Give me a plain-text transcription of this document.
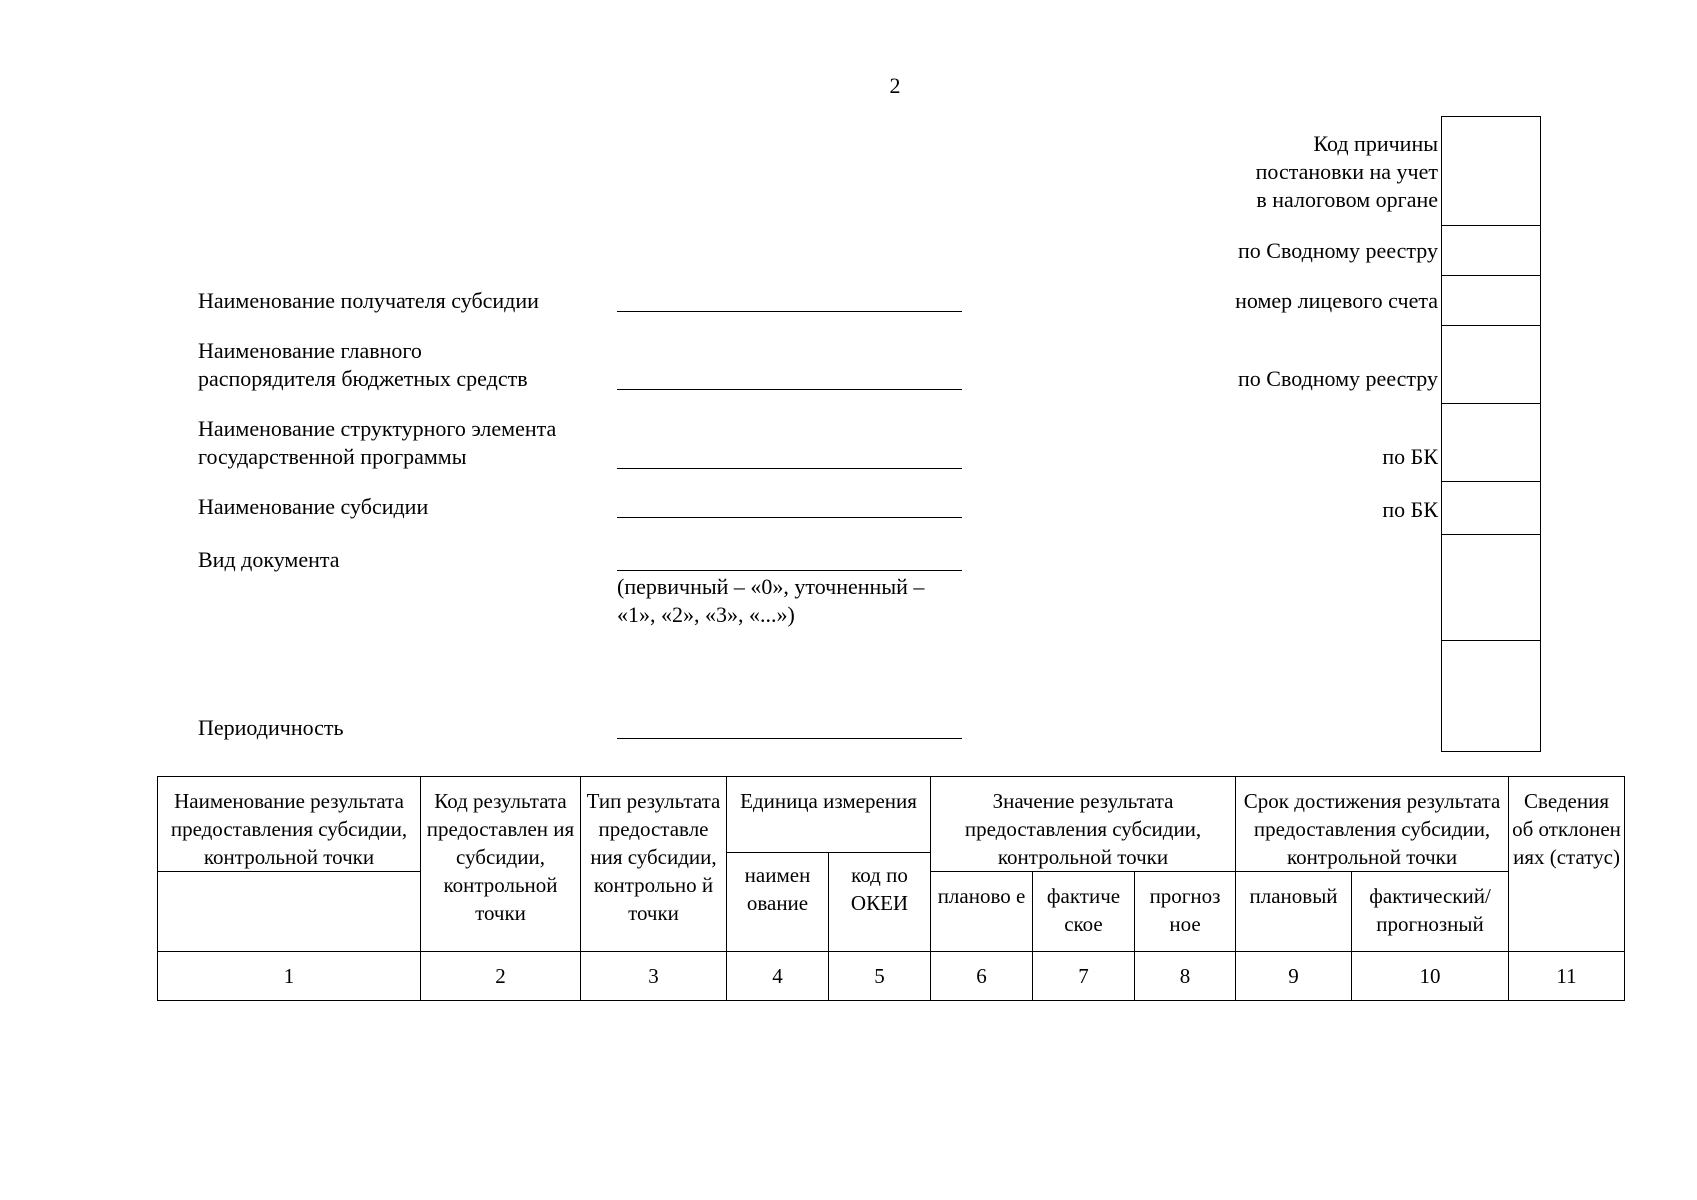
2
Наименование получателя субсидии
Наименование главного
распорядителя бюджетных средств
Наименование структурного элемента
государственной программы
Наименование субсидии
Вид документа
(первичный – «0», уточненный –
«1», «2», «3», «...»)
Периодичность
Код причины
постановки на учет
в налоговом органе
по Сводному реестру
номер лицевого счета
по Сводному реестру
по БК
по БК
Наименование результата предоставления субсидии, контрольной точки	Код результата предоставлен ия субсидии, контрольной точки	Тип результата предоставле ния субсидии, контрольно й точки	Единица измерения		Значение результата предоставления субсидии, контрольной точки			Срок достижения результата предоставления субсидии, контрольной точки		Сведения об отклонен иях (статус)
			наимен ование	код по ОКЕИ						
					планово е	фактиче ское	прогноз ное	плановый	фактический/ прогнозный	
1	2	3	4	5	6	7	8	9	10	11
